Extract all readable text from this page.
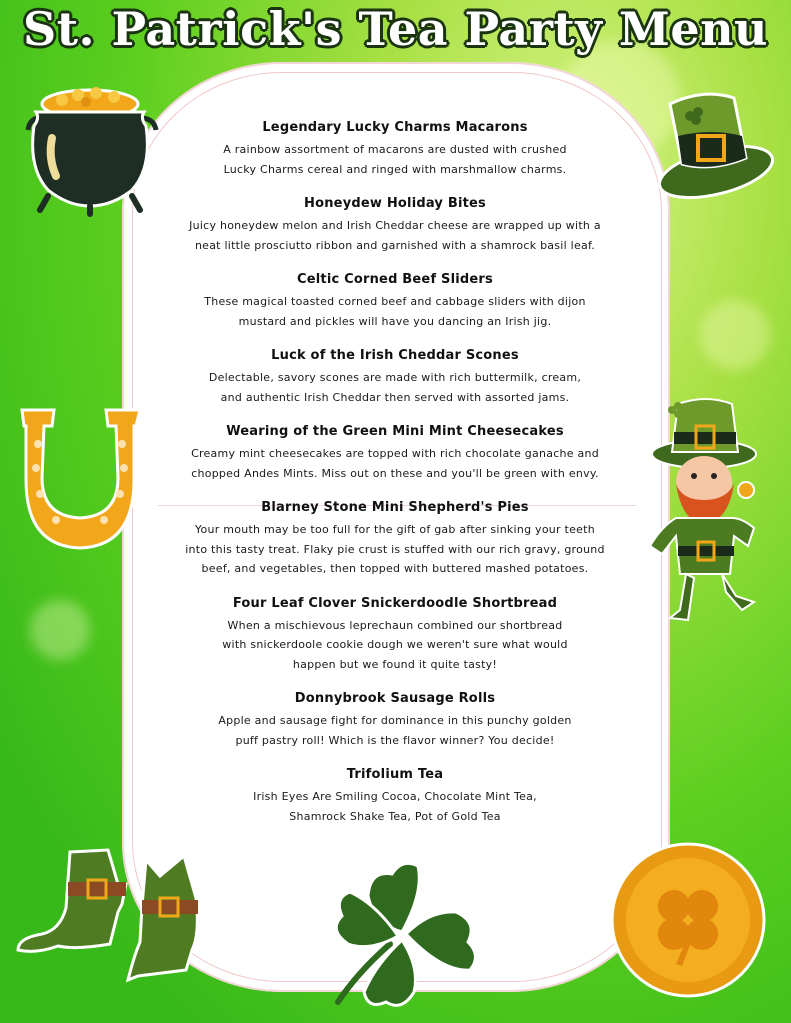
St. Patrick's Tea Party Menu
Legendary Lucky Charms Macarons

A rainbow assortment of macarons are dusted with crushed
Lucky Charms cereal and ringed with marshmallow charms.

Honeydew Holiday Bites

Juicy honeydew melon and Irish Cheddar cheese are wrapped up with a
neat little prosciutto ribbon and garnished with a shamrock basil leaf.

Celtic Corned Beef Sliders

These magical toasted corned beef and cabbage sliders with dijon
mustard and pickles will have you dancing an Irish jig.

Luck of the Irish Cheddar Scones

Delectable, savory scones are made with rich buttermilk, cream,
and authentic Irish Cheddar then served with assorted jams.

Wearing of the Green Mini Mint Cheesecakes

Creamy mint cheesecakes are topped with rich chocolate ganache and
chopped Andes Mints. Miss out on these and you'll be green with envy.

Blarney Stone Mini Shepherd's Pies

Your mouth may be too full for the gift of gab after sinking your teeth
into this tasty treat. Flaky pie crust is stuffed with our rich gravy, ground
beef, and vegetables, then topped with buttered mashed potatoes.

Four Leaf Clover Snickerdoodle Shortbread

When a mischievous leprechaun combined our shortbread
with snickerdoole cookie dough we weren't sure what would
happen but we found it quite tasty!

Donnybrook Sausage Rolls

Apple and sausage fight for dominance in this punchy golden
puff pastry roll! Which is the flavor winner? You decide!

Trifolium Tea

Irish Eyes Are Smiling Cocoa, Chocolate Mint Tea,
Shamrock Shake Tea, Pot of Gold Tea
